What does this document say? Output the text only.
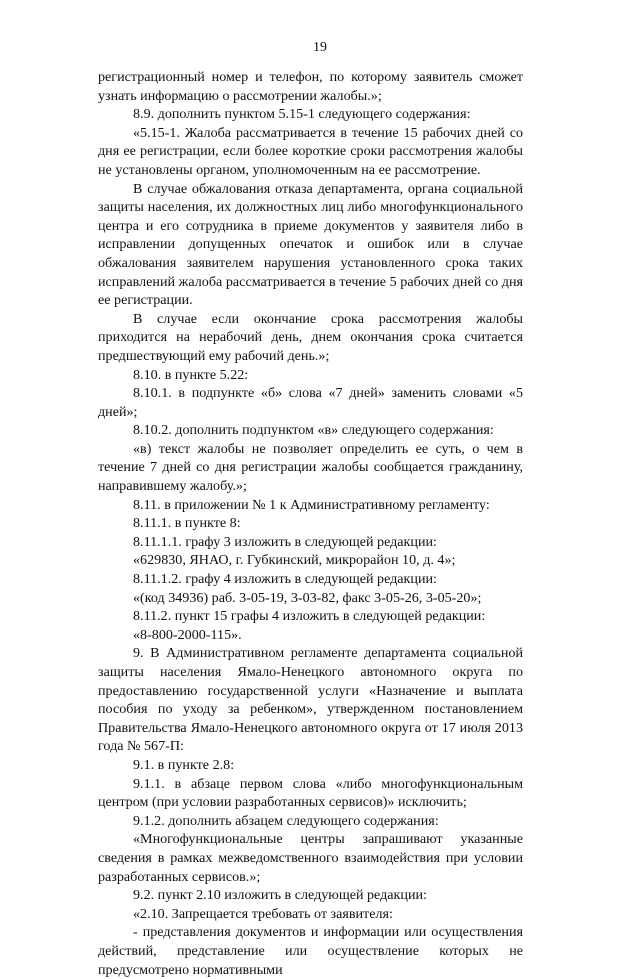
19

регистрационный номер и телефон, по которому заявитель сможет узнать информацию о рассмотрении жалобы.»;

8.9. дополнить пунктом 5.15-1 следующего содержания:

«5.15-1. Жалоба рассматривается в течение 15 рабочих дней со дня ее регистрации, если более короткие сроки рассмотрения жалобы не установлены органом, уполномоченным на ее рассмотрение.

В случае обжалования отказа департамента, органа социальной защиты населения, их должностных лиц либо многофункционального центра и его сотрудника в приеме документов у заявителя либо в исправлении допущенных опечаток и ошибок или в случае обжалования заявителем нарушения установленного срока таких исправлений жалоба рассматривается в течение 5 рабочих дней со дня ее регистрации.

В случае если окончание срока рассмотрения жалобы приходится на нерабочий день, днем окончания срока считается предшествующий ему рабочий день.»;

8.10. в пункте 5.22:

8.10.1. в подпункте «б» слова «7 дней» заменить словами «5 дней»;

8.10.2. дополнить подпунктом «в» следующего содержания:

«в) текст жалобы не позволяет определить ее суть, о чем в течение 7 дней со дня регистрации жалобы сообщается гражданину, направившему жалобу.»;

8.11. в приложении № 1 к Административному регламенту:

8.11.1. в пункте 8:

8.11.1.1. графу 3 изложить в следующей редакции:

«629830, ЯНАО, г. Губкинский, микрорайон 10, д. 4»;

8.11.1.2. графу 4 изложить в следующей редакции:

«(код 34936) раб. 3-05-19, 3-03-82, факс 3-05-26, 3-05-20»;

8.11.2. пункт 15 графы 4 изложить в следующей редакции:

«8-800-2000-115».

9. В Административном регламенте департамента социальной защиты населения Ямало-Ненецкого автономного округа по предоставлению государственной услуги «Назначение и выплата пособия по уходу за ребенком», утвержденном постановлением Правительства Ямало-Ненецкого автономного округа от 17 июля 2013 года № 567-П:

9.1. в пункте 2.8:

9.1.1. в абзаце первом слова «либо многофункциональным центром (при условии разработанных сервисов)» исключить;

9.1.2. дополнить абзацем следующего содержания:

«Многофункциональные центры запрашивают указанные сведения в рамках межведомственного взаимодействия при условии разработанных сервисов.»;

9.2. пункт 2.10 изложить в следующей редакции:

«2.10. Запрещается требовать от заявителя:

- представления документов и информации или осуществления действий, представление или осуществление которых не предусмотрено нормативными
